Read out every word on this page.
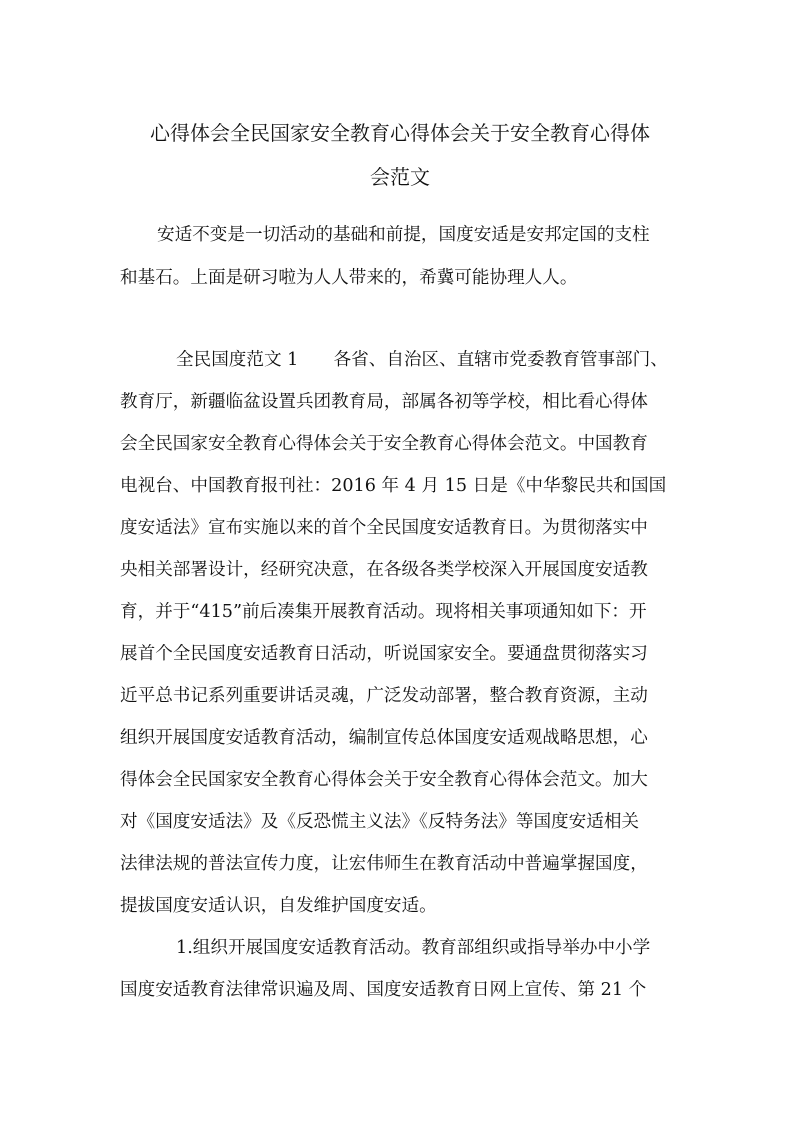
心得体会全民国家安全教育心得体会关于安全教育心得体
会范文
安适不变是一切活动的基础和前提，国度安适是安邦定国的支柱
和基石。上面是研习啦为人人带来的，希冀可能协理人人。
全民国度范文 1　　各省、自治区、直辖市党委教育管事部门、
教育厅，新疆临盆设置兵团教育局，部属各初等学校，相比看心得体
会全民国家安全教育心得体会关于安全教育心得体会范文。中国教育
电视台、中国教育报刊社：2016 年 4 月 15 日是《中华黎民共和国国
度安适法》宣布实施以来的首个全民国度安适教育日。为贯彻落实中
央相关部署设计，经研究决意，在各级各类学校深入开展国度安适教
育，并于“415”前后凑集开展教育活动。现将相关事项通知如下：开
展首个全民国度安适教育日活动，听说国家安全。要通盘贯彻落实习
近平总书记系列重要讲话灵魂，广泛发动部署，整合教育资源，主动
组织开展国度安适教育活动，编制宣传总体国度安适观战略思想，心
得体会全民国家安全教育心得体会关于安全教育心得体会范文。加大
对《国度安适法》及《反恐慌主义法》《反特务法》等国度安适相关
法律法规的普法宣传力度，让宏伟师生在教育活动中普遍掌握国度，
提拔国度安适认识，自发维护国度安适。
1.组织开展国度安适教育活动。教育部组织或指导举办中小学
国度安适教育法律常识遍及周、国度安适教育日网上宣传、第 21 个
